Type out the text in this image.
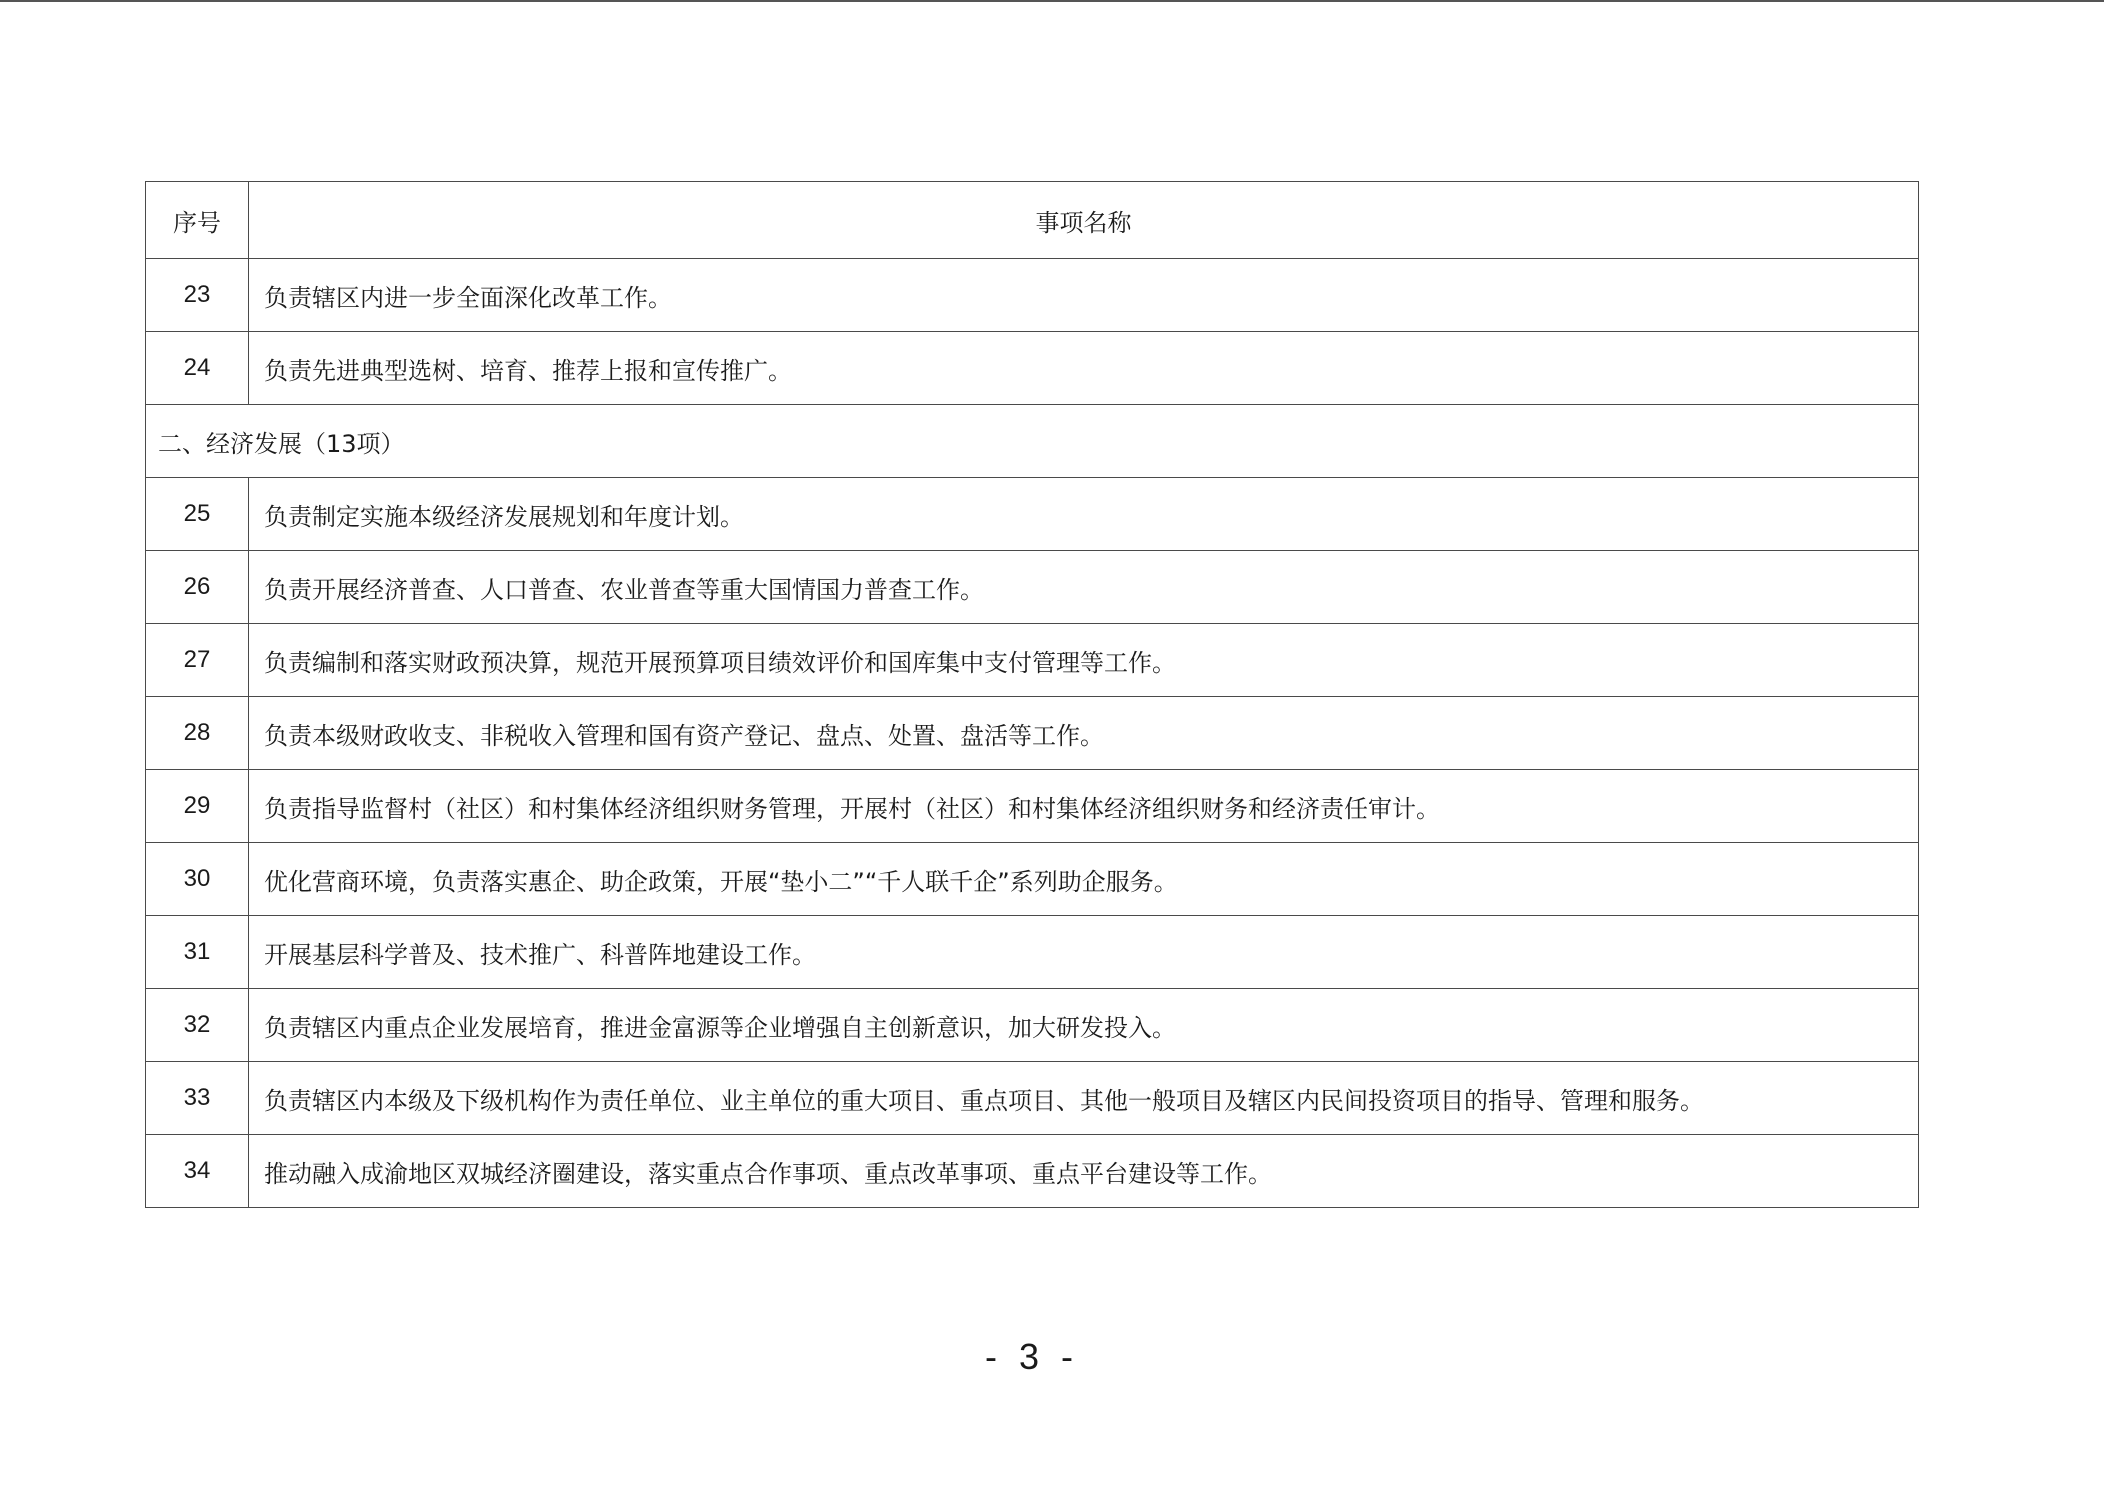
序号	事项名称
23	负责辖区内进一步全面深化改革工作。
24	负责先进典型选树、培育、推荐上报和宣传推广。
二、经济发展（13项）	
25	负责制定实施本级经济发展规划和年度计划。
26	负责开展经济普查、人口普查、农业普查等重大国情国力普查工作。
27	负责编制和落实财政预决算，规范开展预算项目绩效评价和国库集中支付管理等工作。
28	负责本级财政收支、非税收入管理和国有资产登记、盘点、处置、盘活等工作。
29	负责指导监督村（社区）和村集体经济组织财务管理，开展村（社区）和村集体经济组织财务和经济责任审计。
30	优化营商环境，负责落实惠企、助企政策，开展“垫小二”“千人联千企”系列助企服务。
31	开展基层科学普及、技术推广、科普阵地建设工作。
32	负责辖区内重点企业发展培育，推进金富源等企业增强自主创新意识，加大研发投入。
33	负责辖区内本级及下级机构作为责任单位、业主单位的重大项目、重点项目、其他一般项目及辖区内民间投资项目的指导、管理和服务。
34	推动融入成渝地区双城经济圈建设，落实重点合作事项、重点改革事项、重点平台建设等工作。
- 3 -
